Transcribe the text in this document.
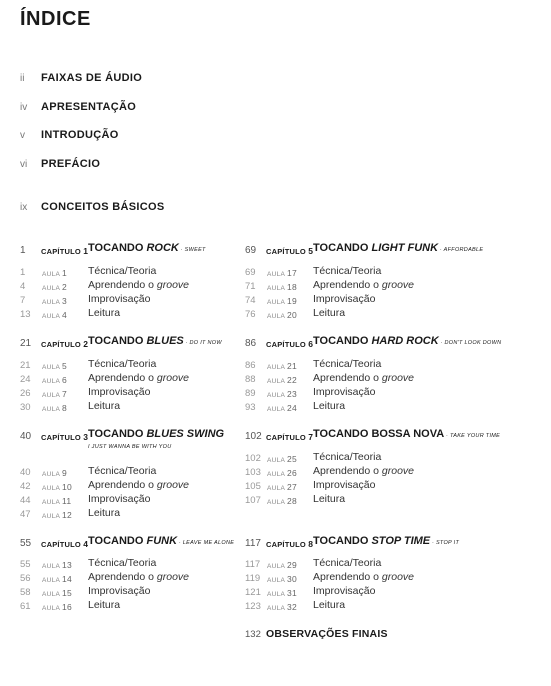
ÍNDICE
ii	FAIXAS DE ÁUDIO
iv	APRESENTAÇÃO
v	INTRODUÇÃO
vi	PREFÁCIO
ix	CONCEITOS BÁSICOS
1 CAPÍTULO 1 TOCANDO ROCK · SWEET
1	AULA 1 Técnica/Teoria
4	AULA 2 Aprendendo o groove
7	AULA 3 Improvisação
13 AULA 4 Leitura
21 CAPÍTULO 2 TOCANDO BLUES · DO IT NOW
21 AULA 5 Técnica/Teoria
24 AULA 6 Aprendendo o groove
26 AULA 7 Improvisação
30 AULA 8 Leitura
40 CAPÍTULO 3 TOCANDO BLUES SWING
I JUST WANNA BE WITH YOU
40 AULA 9 Técnica/Teoria
42 AULA 10 Aprendendo o groove
44 AULA 11 Improvisação
47 AULA 12 Leitura
55 CAPÍTULO 4 TOCANDO FUNK · LEAVE ME ALONE
55 AULA 13 Técnica/Teoria
56 AULA 14 Aprendendo o groove
58 AULA 15 Improvisação
61 AULA 16 Leitura
69 CAPÍTULO 5 TOCANDO LIGHT FUNK · AFFORDABLE
69 AULA 17 Técnica/Teoria
71 AULA 18 Aprendendo o groove
74 AULA 19 Improvisação
76 AULA 20 Leitura
86 CAPÍTULO 6 TOCANDO HARD ROCK · DON'T LOOK DOWN
86 AULA 21 Técnica/Teoria
88 AULA 22 Aprendendo o groove
89 AULA 23 Improvisação
93 AULA 24 Leitura
102 CAPÍTULO 7 TOCANDO BOSSA NOVA · TAKE YOUR TIME
102 AULA 25 Técnica/Teoria
103 AULA 26 Aprendendo o groove
105 AULA 27 Improvisação
107 AULA 28 Leitura
117 CAPÍTULO 8 TOCANDO STOP TIME · STOP IT
117 AULA 29 Técnica/Teoria
119 AULA 30 Aprendendo o groove
121 AULA 31 Improvisação
123 AULA 32 Leitura
132 OBSERVAÇÕES FINAIS
